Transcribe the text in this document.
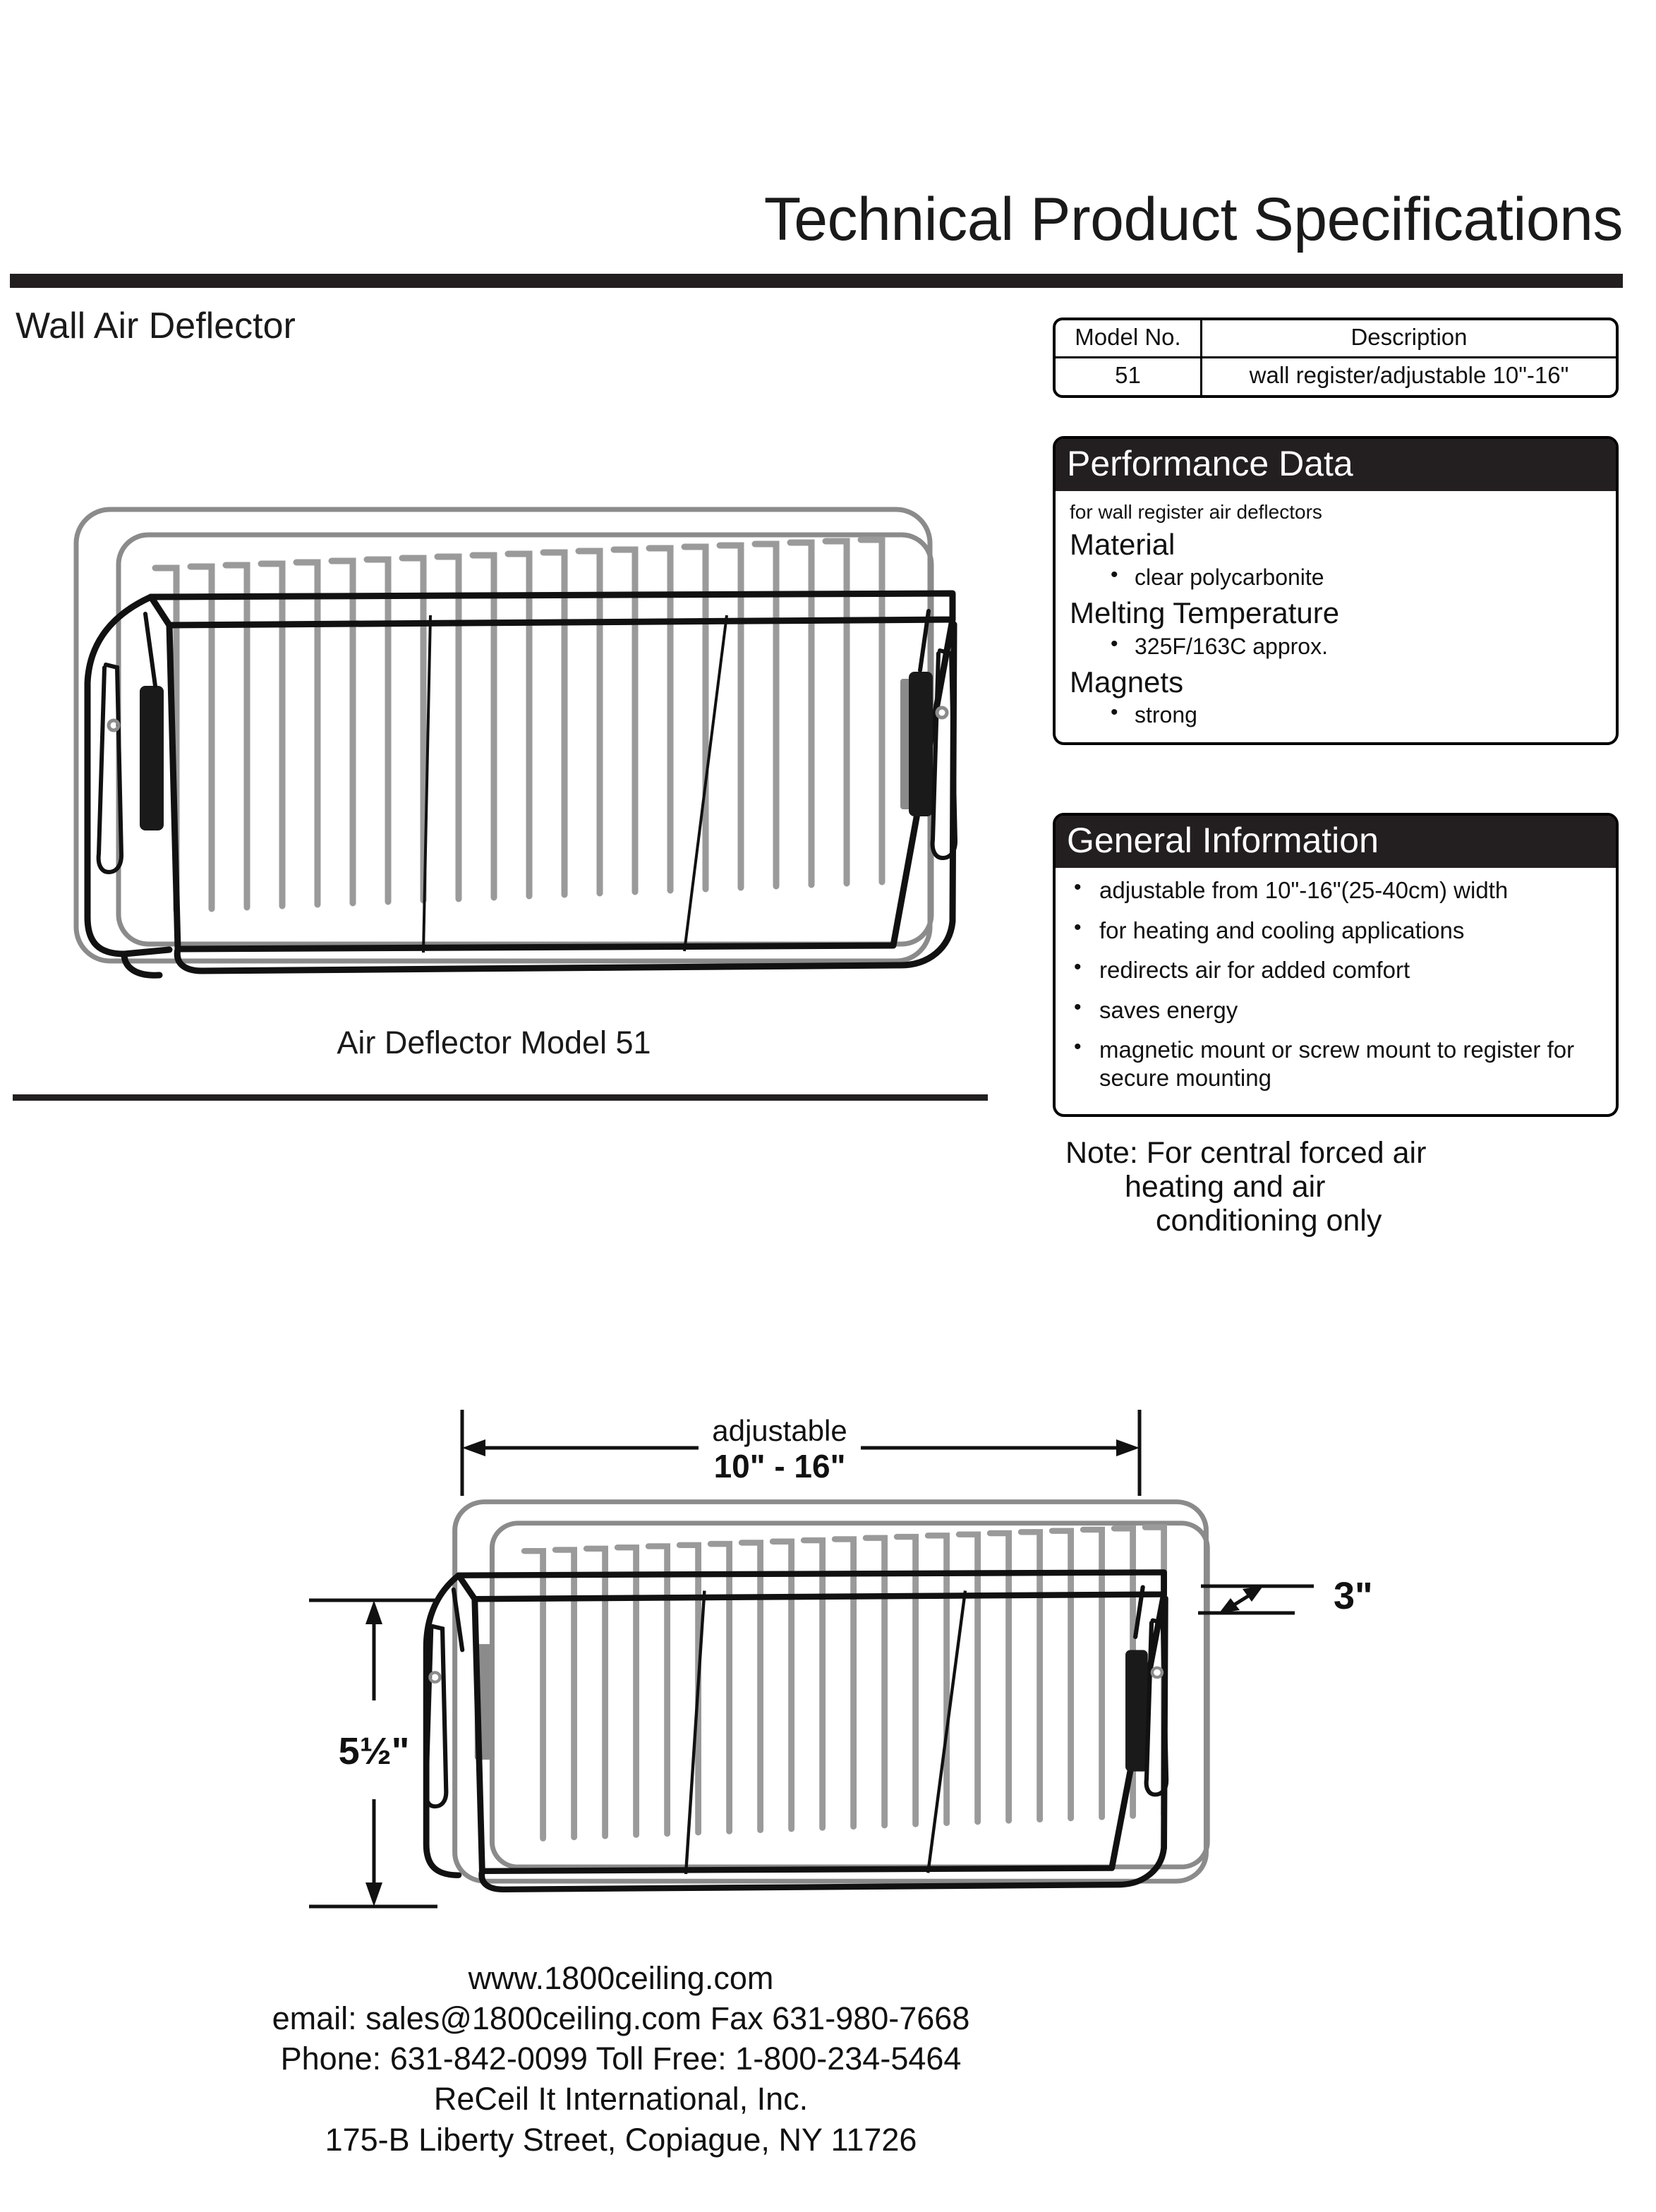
Technical Product Specifications
Wall Air Deflector	Model No.	Description
51	wall register/adjustable 10"-16"
Performance Data
for wall register air deflectors
Material
• clear polycarbonite
Melting Temperature
• 325F/163C approx.
Magnets
• strong
General Information
• adjustable from 10"-16"(25-40cm) width
• for heating and cooling applications
• redirects air for added comfort
• saves energy
• magnetic mount or screw mount to register for secure mounting
Note: For central forced air
heating and air
conditioning only
Air Deflector Model 51
adjustable
10" - 16"
5½"
3"
www.1800ceiling.com
email: sales@1800ceiling.com Fax 631-980-7668
Phone: 631-842-0099 Toll Free: 1-800-234-5464
ReCeil It International, Inc.
175-B Liberty Street, Copiague, NY 11726
